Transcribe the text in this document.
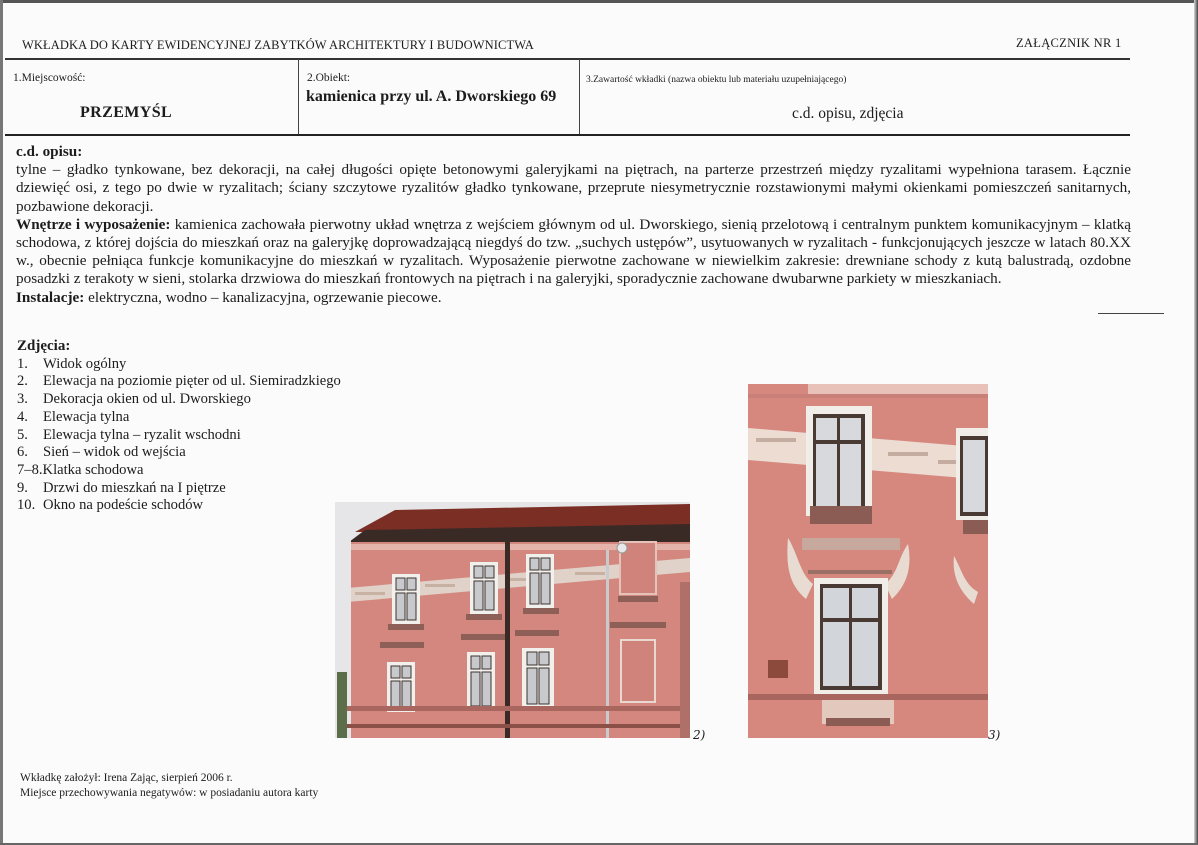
WKŁADKA DO KARTY EWIDENCYJNEJ ZABYTKÓW ARCHITEKTURY I BUDOWNICTWA	ZAŁĄCZNIK NR 1
1.Miejscowość:
PRZEMYŚL
2.Obiekt:
kamienica przy ul. A. Dworskiego 69
3.Zawartość wkładki (nazwa obiektu lub materiału uzupełniającego)
c.d. opisu, zdjęcia

c.d. opisu:

tylne – gładko tynkowane, bez dekoracji, na całej długości opięte betonowymi galeryjkami na piętrach, na parterze przestrzeń między ryzalitami wypełniona tarasem. Łącznie dziewięć osi, z tego po dwie w ryzalitach; ściany szczytowe ryzalitów gładko tynkowane, przeprute niesymetrycznie rozstawionymi małymi okienkami pomieszczeń sanitarnych, pozbawione dekoracji.

Wnętrze i wyposażenie: kamienica zachowała pierwotny układ wnętrza z wejściem głównym od ul. Dworskiego, sienią przelotową i centralnym punktem komunikacyjnym – klatką schodowa, z której dojścia do mieszkań oraz na galeryjkę doprowadzającą niegdyś do tzw. „suchych ustępów”, usytuowanych w ryzalitach - funkcjonujących jeszcze w latach 80.XX w., obecnie pełniąca funkcje komunikacyjne do mieszkań w ryzalitach. Wyposażenie pierwotne zachowane w niewielkim zakresie: drewniane schody z kutą balustradą, ozdobne posadzki z terakoty w sieni, stolarka drzwiowa do mieszkań frontowych na piętrach i na galeryjki, sporadycznie zachowane dwubarwne parkiety w mieszkaniach.

Instalacje: elektryczna, wodno – kanalizacyjna, ogrzewanie piecowe.

Zdjęcia:
1. Widok ogólny
2. Elewacja na poziomie pięter od ul. Siemiradzkiego
3. Dekoracja okien od ul. Dworskiego
4. Elewacja tylna
5. Elewacja tylna – ryzalit wschodni
6. Sień – widok od wejścia
7–8.Klatka schodowa
9. Drzwi do mieszkań na I piętrze
10. Okno na podeście schodów
2)	3)
Wkładkę założył: Irena Zając, sierpień 2006 r.
Miejsce przechowywania negatywów: w posiadaniu autora karty
